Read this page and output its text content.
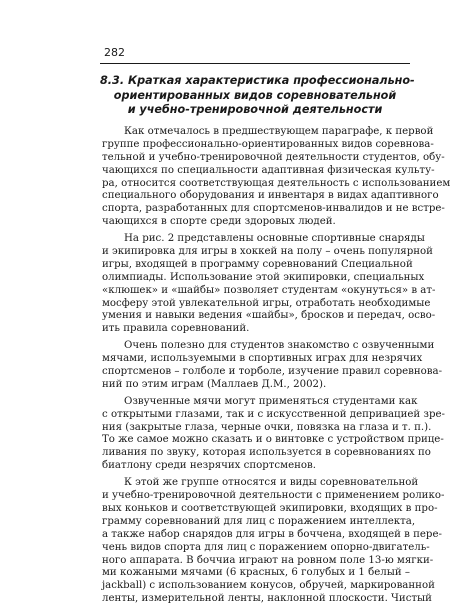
282
8.3. Краткая характеристика профессионально-
ориентированных видов соревновательной
и учебно-тренировочной деятельности
Как отмечалось в предшествующем параграфе, к первой
группе профессионально-ориентированных видов соревнова-
тельной и учебно-тренировочной деятельности студентов, обу-
чающихся по специальности адаптивная физическая культу-
ра, относится соответствующая деятельность с использованием
специального оборудования и инвентаря в видах адаптивного
спорта, разработанных для спортсменов-инвалидов и не встре-
чающихся в спорте среди здоровых людей.
На рис. 2 представлены основные спортивные снаряды
и экипировка для игры в хоккей на полу – очень популярной
игры, входящей в программу соревнований Специальной
олимпиады. Использование этой экипировки, специальных
«клюшек» и «шайбы» позволяет студентам «окунуться» в ат-
мосферу этой увлекательной игры, отработать необходимые
умения и навыки ведения «шайбы», бросков и передач, осво-
ить правила соревнований.
Очень полезно для студентов знакомство с озвученными
мячами, используемыми в спортивных играх для незрячих
спортсменов – голболе и торболе, изучение правил соревнова-
ний по этим играм (Маллаев Д.М., 2002).
Озвученные мячи могут применяться студентами как
с открытыми глазами, так и с искусственной депривацией зре-
ния (закрытые глаза, черные очки, повязка на глаза и т. п.).
То же самое можно сказать и о винтовке с устройством прице-
ливания по звуку, которая используется в соревнованиях по
биатлону среди незрячих спортсменов.
К этой же группе относятся и виды соревновательной
и учебно-тренировочной деятельности с применением ролико-
вых коньков и соответствующей экипировки, входящих в про-
грамму соревнований для лиц с поражением интеллекта,
а также набор снарядов для игры в боччена, входящей в пере-
чень видов спорта для лиц с поражением опорно-двигатель-
ного аппарата. В боччиа играют на ровном поле 13-ю мягки-
ми кожаными мячами (6 красных, 6 голубых и 1 белый –
jackball) с использованием конусов, обручей, маркированной
ленты, измерительной ленты, наклонной плоскости. Чистый
